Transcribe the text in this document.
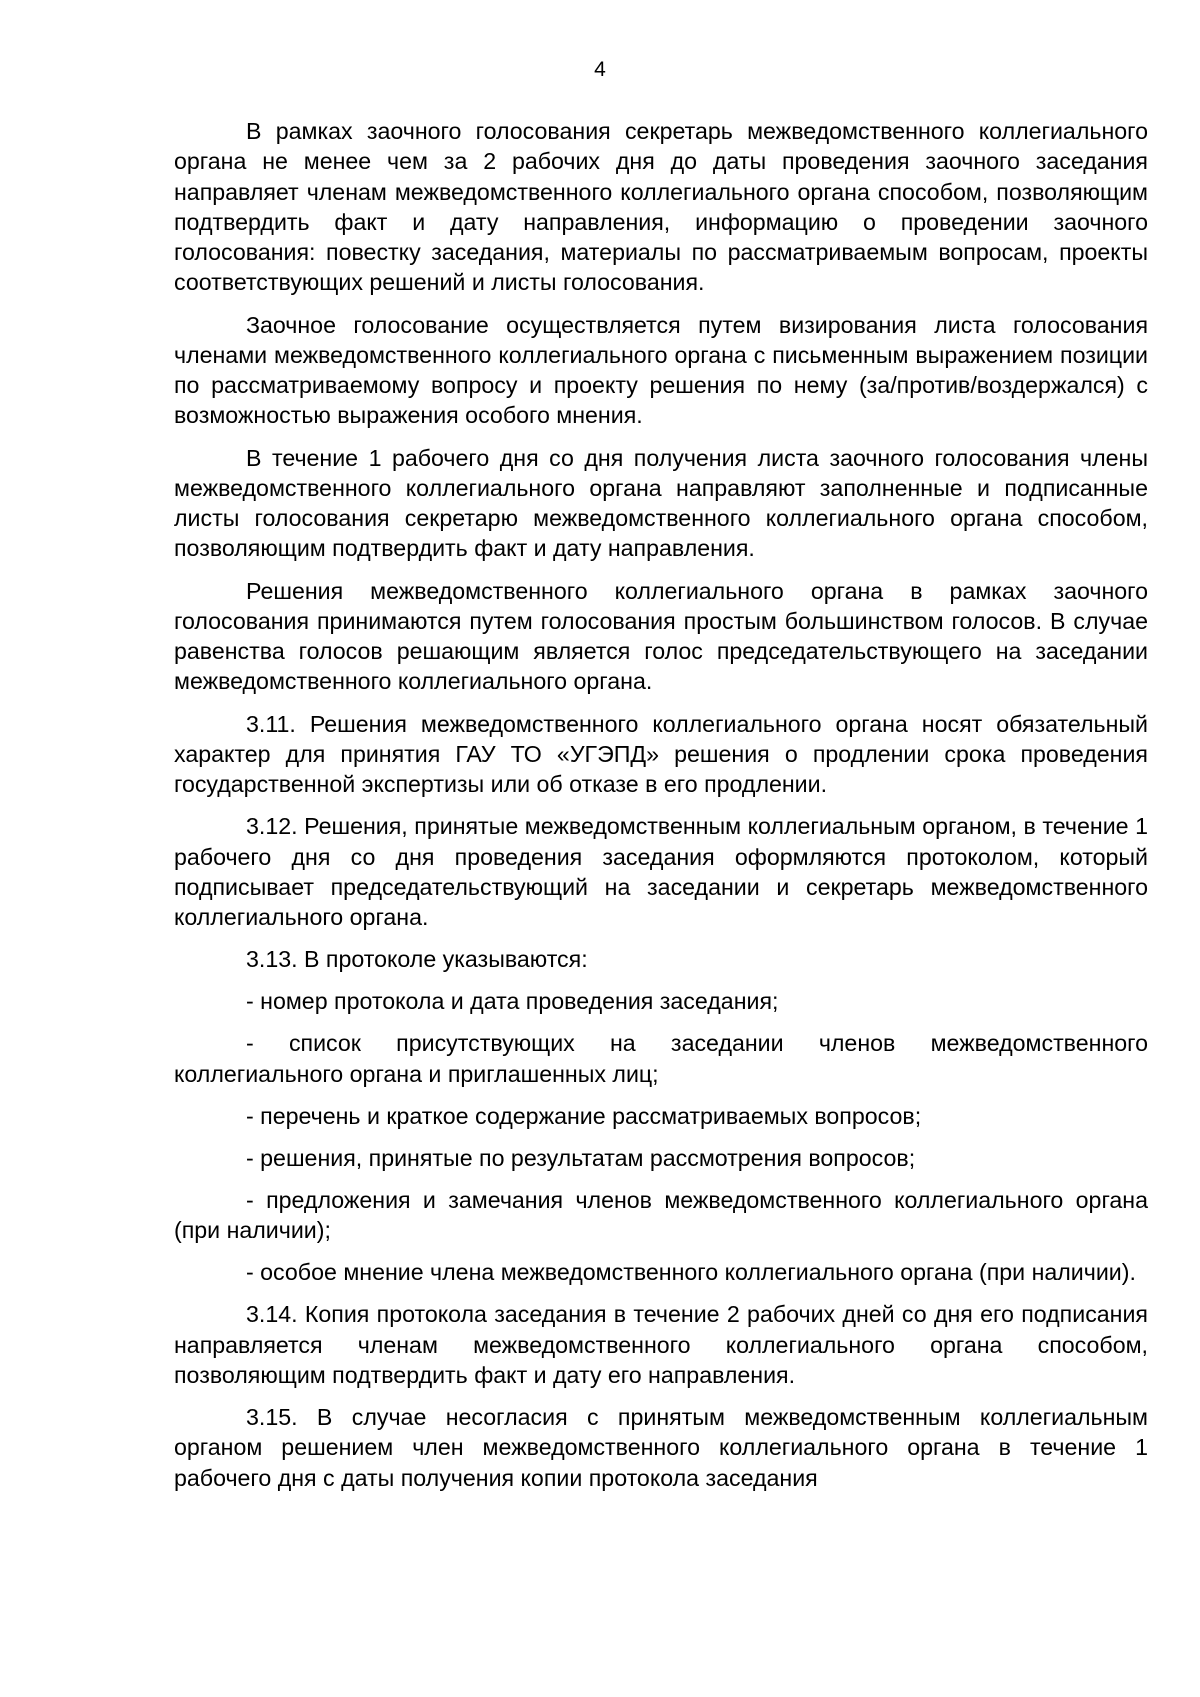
4

В рамках заочного голосования секретарь межведомственного коллегиального органа не менее чем за 2 рабочих дня до даты проведения заочного заседания направляет членам межведомственного коллегиального органа способом, позволяющим подтвердить факт и дату направления, информацию о проведении заочного голосования: повестку заседания, материалы по рассматриваемым вопросам, проекты соответствующих решений и листы голосования.

Заочное голосование осуществляется путем визирования листа голосования членами межведомственного коллегиального органа с письменным выражением позиции по рассматриваемому вопросу и проекту решения по нему (за/против/воздержался) с возможностью выражения особого мнения.

В течение 1 рабочего дня со дня получения листа заочного голосования члены межведомственного коллегиального органа направляют заполненные и подписанные листы голосования секретарю межведомственного коллегиального органа способом, позволяющим подтвердить факт и дату направления.

Решения межведомственного коллегиального органа в рамках заочного голосования принимаются путем голосования простым большинством голосов. В случае равенства голосов решающим является голос председательствующего на заседании межведомственного коллегиального органа.

3.11. Решения межведомственного коллегиального органа носят обязательный характер для принятия ГАУ ТО «УГЭПД» решения о продлении срока проведения государственной экспертизы или об отказе в его продлении.

3.12. Решения, принятые межведомственным коллегиальным органом, в течение 1 рабочего дня со дня проведения заседания оформляются протоколом, который подписывает председательствующий на заседании и секретарь межведомственного коллегиального органа.

3.13. В протоколе указываются:

- номер протокола и дата проведения заседания;

- список присутствующих на заседании членов межведомственного коллегиального органа и приглашенных лиц;

- перечень и краткое содержание рассматриваемых вопросов;

- решения, принятые по результатам рассмотрения вопросов;

- предложения и замечания членов межведомственного коллегиального органа (при наличии);

- особое мнение члена межведомственного коллегиального органа (при наличии).

3.14. Копия протокола заседания в течение 2 рабочих дней со дня его подписания направляется членам межведомственного коллегиального органа способом, позволяющим подтвердить факт и дату его направления.

3.15. В случае несогласия с принятым межведомственным коллегиальным органом решением член межведомственного коллегиального органа в течение 1 рабочего дня с даты получения копии протокола заседания
